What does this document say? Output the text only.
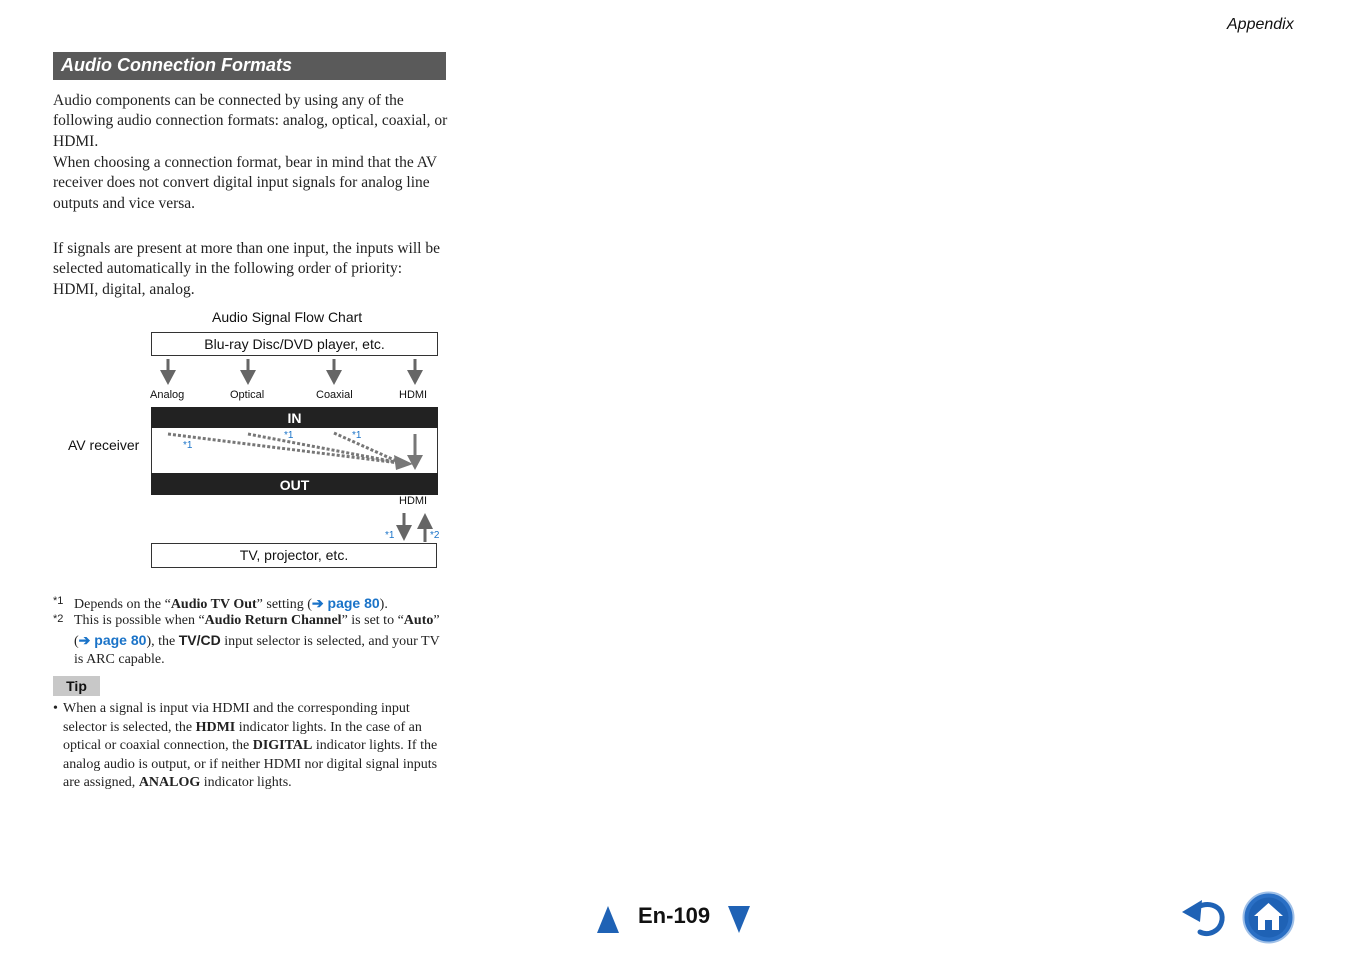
Appendix
Audio Connection Formats
Audio components can be connected by using any of the following audio connection formats: analog, optical, coaxial, or HDMI.
When choosing a connection format, bear in mind that the AV receiver does not convert digital input signals for analog line outputs and vice versa.
If signals are present at more than one input, the inputs will be selected automatically in the following order of priority: HDMI, digital, analog.
Audio Signal Flow Chart
Blu-ray Disc/DVD player, etc.
Analog	Optical	Coaxial	HDMI
IN
OUT
AV receiver	*1
*1	*1
HDMI
*1	*2
TV, projector, etc.
*1 Depends on the “Audio TV Out” setting (➔ page 80).
*2 This is possible when “Audio Return Channel” is set to “Auto” (➔ page 80), the TV/CD input selector is selected, and your TV is ARC capable.
Tip
• When a signal is input via HDMI and the corresponding input selector is selected, the HDMI indicator lights. In the case of an optical or coaxial connection, the DIGITAL indicator lights. If the analog audio is output, or if neither HDMI nor digital signal inputs are assigned, ANALOG indicator lights.
En-109
